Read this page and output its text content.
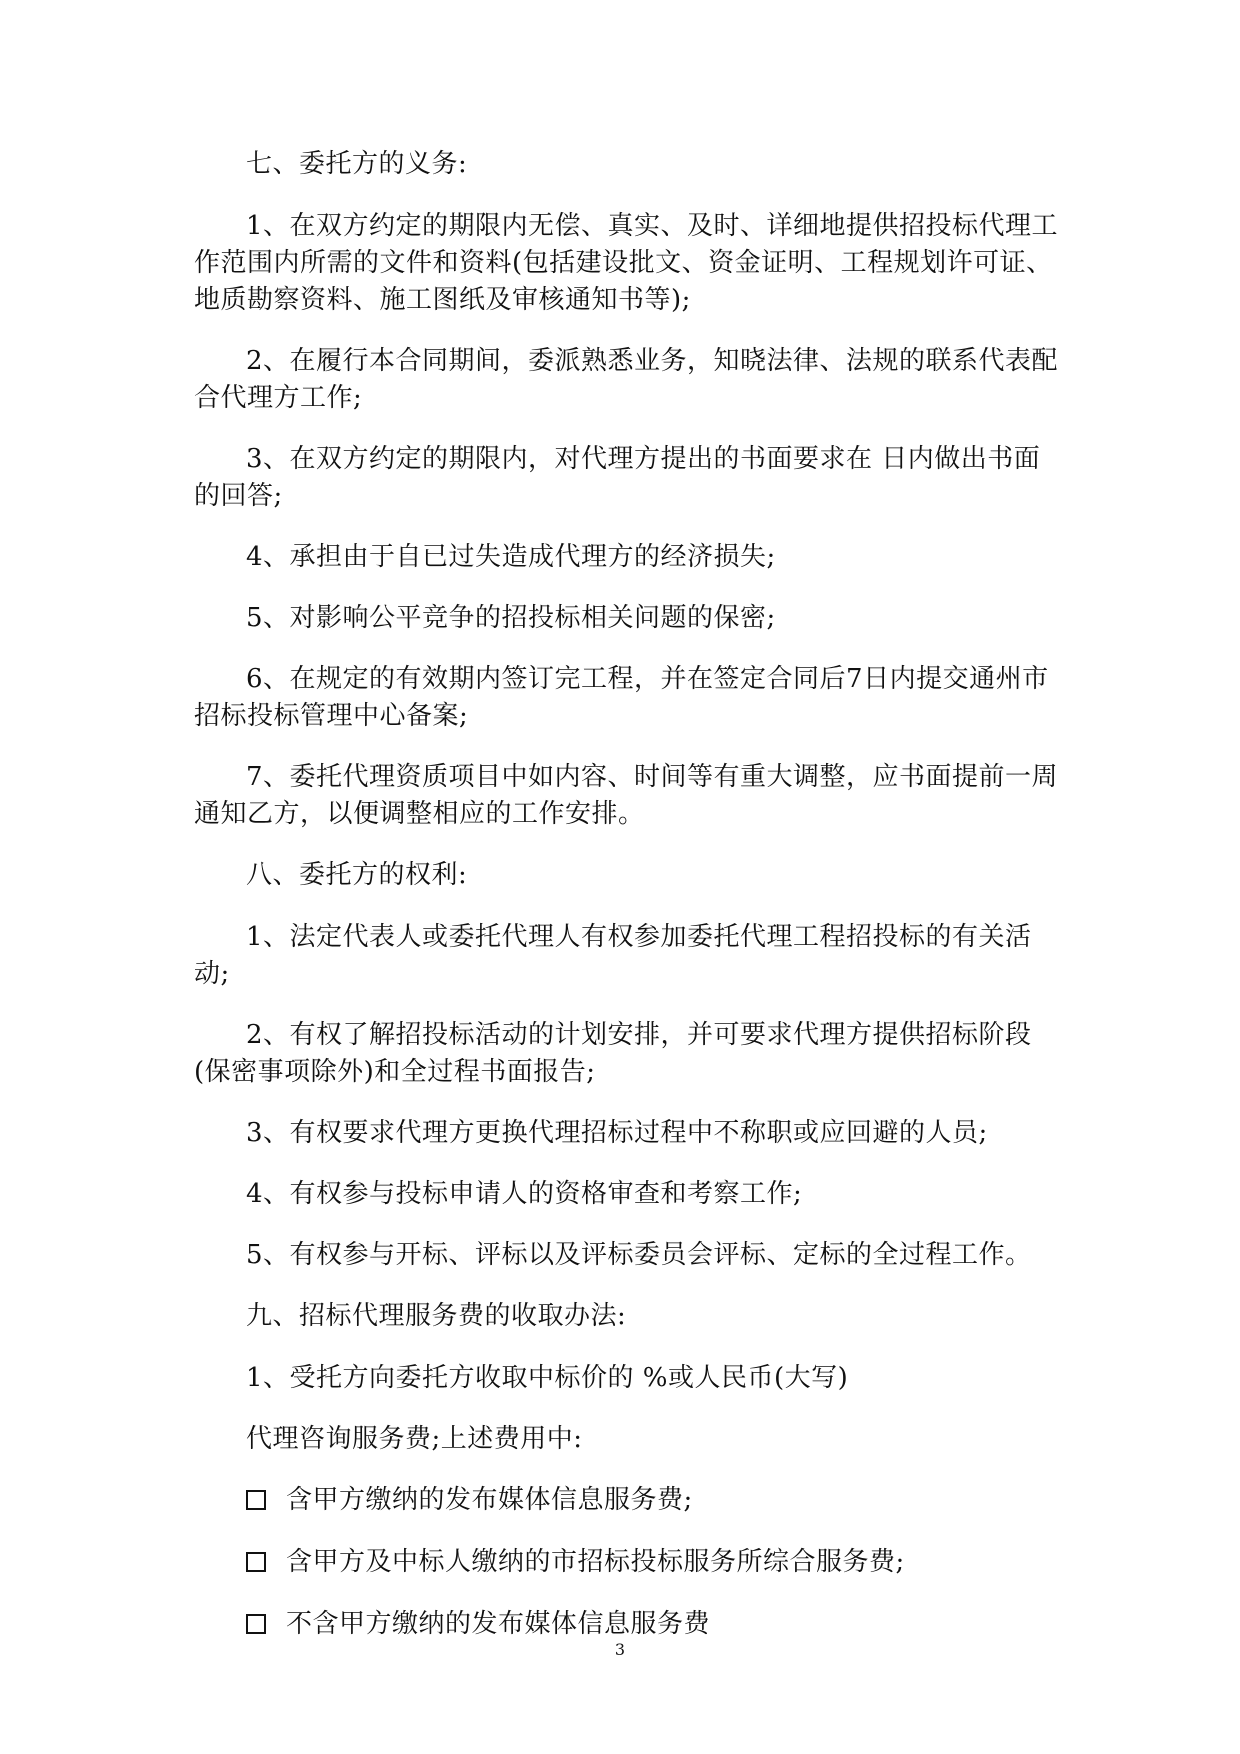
七、委托方的义务:

1、在双方约定的期限内无偿、真实、及时、详细地提供招投标代理工作范围内所需的文件和资料(包括建设批文、资金证明、工程规划许可证、地质勘察资料、施工图纸及审核通知书等);

2、在履行本合同期间，委派熟悉业务，知晓法律、法规的联系代表配合代理方工作;

3、在双方约定的期限内，对代理方提出的书面要求在 日内做出书面的回答;

4、承担由于自已过失造成代理方的经济损失;

5、对影响公平竞争的招投标相关问题的保密;

6、在规定的有效期内签订完工程，并在签定合同后7日内提交通州市招标投标管理中心备案;

7、委托代理资质项目中如内容、时间等有重大调整，应书面提前一周通知乙方，以便调整相应的工作安排。

八、委托方的权利:

1、法定代表人或委托代理人有权参加委托代理工程招投标的有关活动;

2、有权了解招投标活动的计划安排，并可要求代理方提供招标阶段(保密事项除外)和全过程书面报告;

3、有权要求代理方更换代理招标过程中不称职或应回避的人员;

4、有权参与投标申请人的资格审查和考察工作;

5、有权参与开标、评标以及评标委员会评标、定标的全过程工作。

九、招标代理服务费的收取办法:

1、受托方向委托方收取中标价的 %或人民币(大写)

代理咨询服务费;上述费用中:

含甲方缴纳的发布媒体信息服务费;

含甲方及中标人缴纳的市招标投标服务所综合服务费;

不含甲方缴纳的发布媒体信息服务费

3
